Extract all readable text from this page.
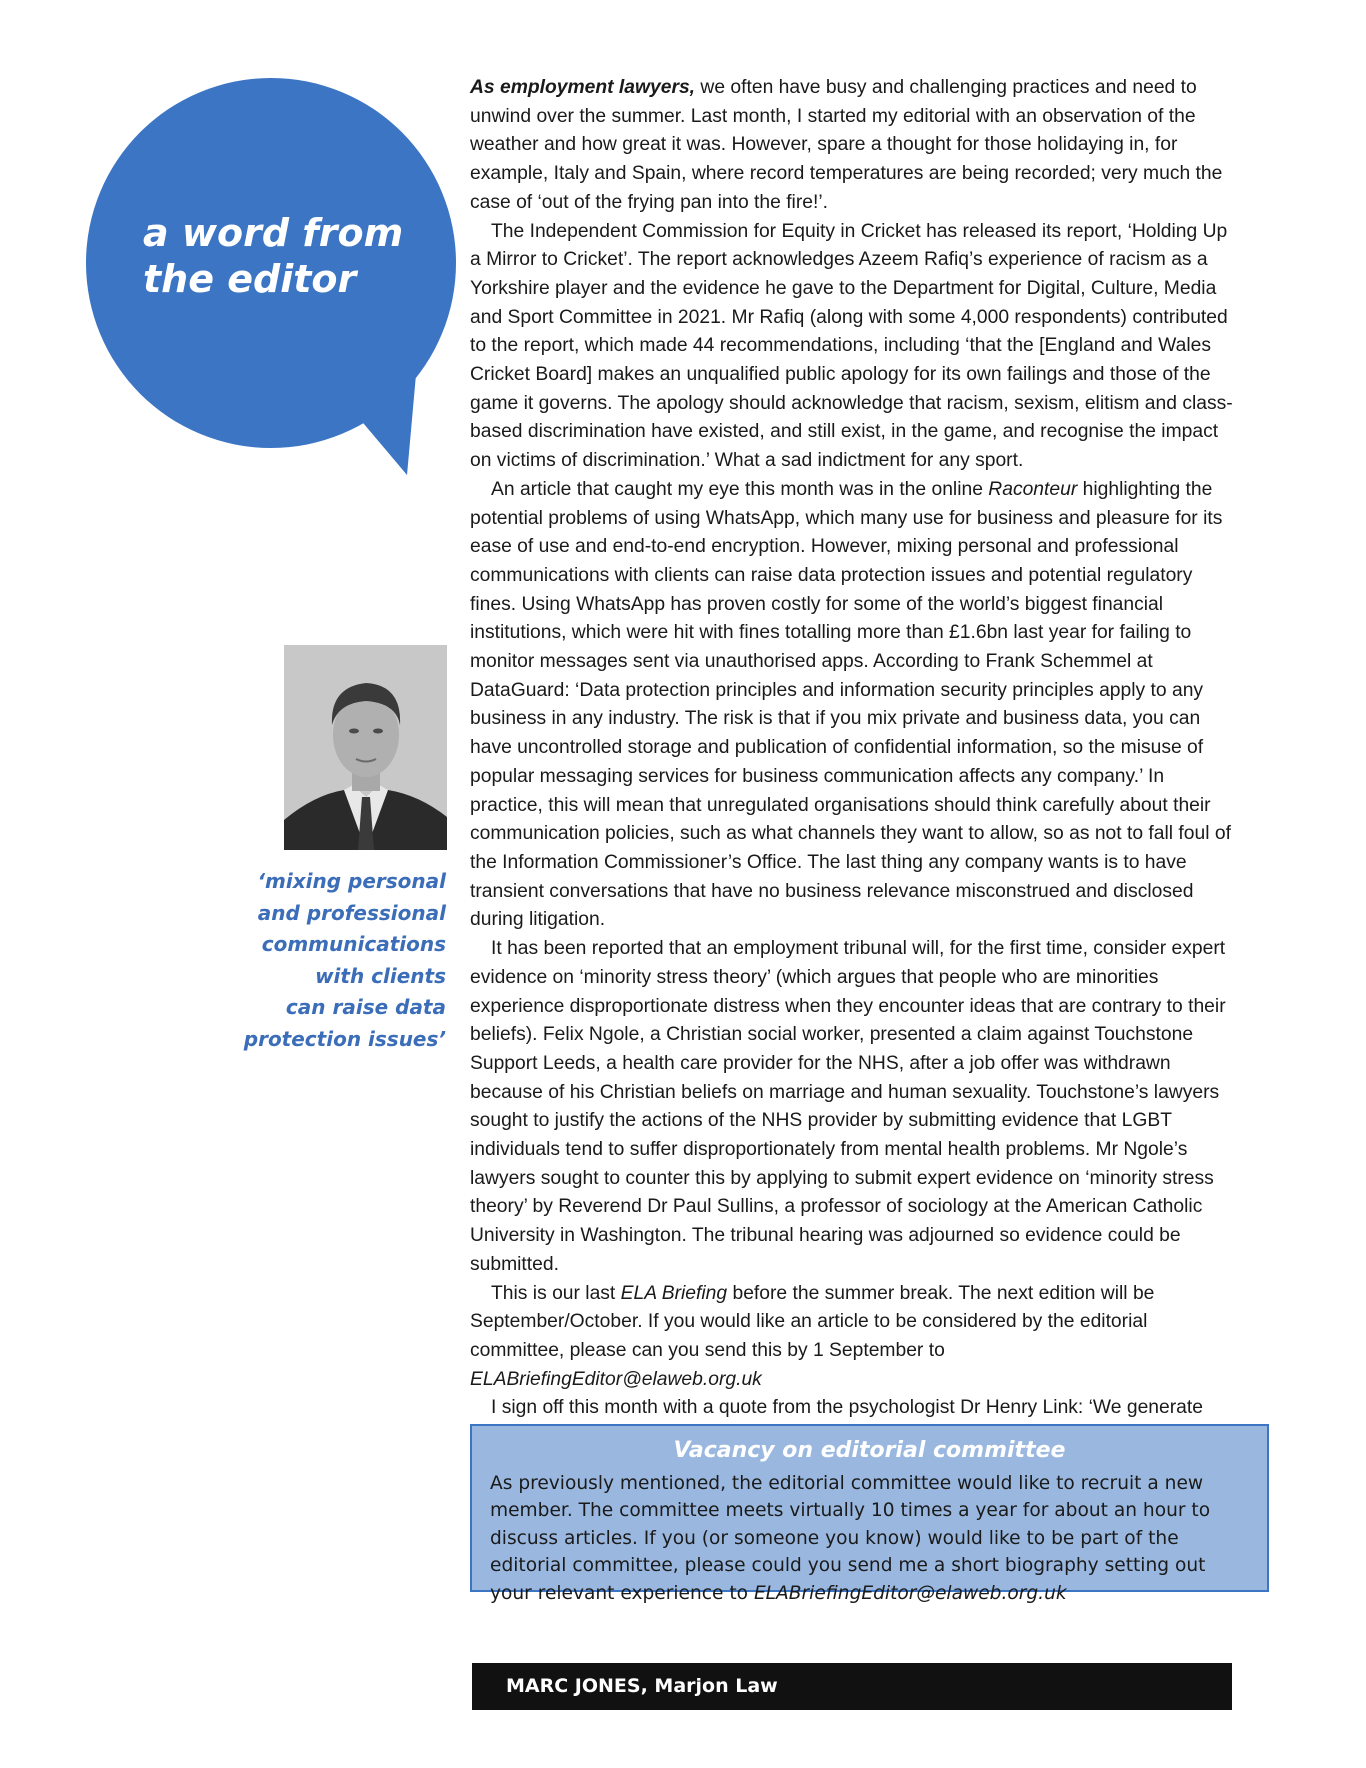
a word from
the editor

‘mixing personal
and professional
communications
with clients
can raise data
protection issues’

As employment lawyers, we often have busy and challenging practices and need to unwind over the summer. Last month, I started my editorial with an observation of the weather and how great it was. However, spare a thought for those holidaying in, for example, Italy and Spain, where record temperatures are being recorded; very much the case of ‘out of the frying pan into the fire!’.

The Independent Commission for Equity in Cricket has released its report, ‘Holding Up a Mirror to Cricket’. The report acknowledges Azeem Rafiq’s experience of racism as a Yorkshire player and the evidence he gave to the Department for Digital, Culture, Media and Sport Committee in 2021. Mr Rafiq (along with some 4,000 respondents) contributed to the report, which made 44 recommendations, including ‘that the [England and Wales Cricket Board] makes an unqualified public apology for its own failings and those of the game it governs. The apology should acknowledge that racism, sexism, elitism and class-based discrimination have existed, and still exist, in the game, and recognise the impact on victims of discrimination.’ What a sad indictment for any sport.

An article that caught my eye this month was in the online Raconteur highlighting the potential problems of using WhatsApp, which many use for business and pleasure for its ease of use and end-to-end encryption. However, mixing personal and professional communications with clients can raise data protection issues and potential regulatory fines. Using WhatsApp has proven costly for some of the world’s biggest financial institutions, which were hit with fines totalling more than £1.6bn last year for failing to monitor messages sent via unauthorised apps. According to Frank Schemmel at DataGuard: ‘Data protection principles and information security principles apply to any business in any industry. The risk is that if you mix private and business data, you can have uncontrolled storage and publication of confidential information, so the misuse of popular messaging services for business communication affects any company.’ In practice, this will mean that unregulated organisations should think carefully about their communication policies, such as what channels they want to allow, so as not to fall foul of the Information Commissioner’s Office. The last thing any company wants is to have transient conversations that have no business relevance misconstrued and disclosed during litigation.

It has been reported that an employment tribunal will, for the first time, consider expert evidence on ‘minority stress theory’ (which argues that people who are minorities experience disproportionate distress when they encounter ideas that are contrary to their beliefs). Felix Ngole, a Christian social worker, presented a claim against Touchstone Support Leeds, a health care provider for the NHS, after a job offer was withdrawn because of his Christian beliefs on marriage and human sexuality. Touchstone’s lawyers sought to justify the actions of the NHS provider by submitting evidence that LGBT individuals tend to suffer disproportionately from mental health problems. Mr Ngole’s lawyers sought to counter this by applying to submit expert evidence on ‘minority stress theory’ by Reverend Dr Paul Sullins, a professor of sociology at the American Catholic University in Washington. The tribunal hearing was adjourned so evidence could be submitted.

This is our last ELA Briefing before the summer break. The next edition will be September/October. If you would like an article to be considered by the editorial committee, please can you send this by 1 September to ELABriefingEditor@elaweb.org.uk

I sign off this month with a quote from the psychologist Dr Henry Link: ‘We generate

Vacancy on editorial committee

As previously mentioned, the editorial committee would like to recruit a new member. The committee meets virtually 10 times a year for about an hour to discuss articles. If you (or someone you know) would like to be part of the editorial committee, please could you send me a short biography setting out your relevant experience to ELABriefingEditor@elaweb.org.uk

MARC JONES, Marjon Law
